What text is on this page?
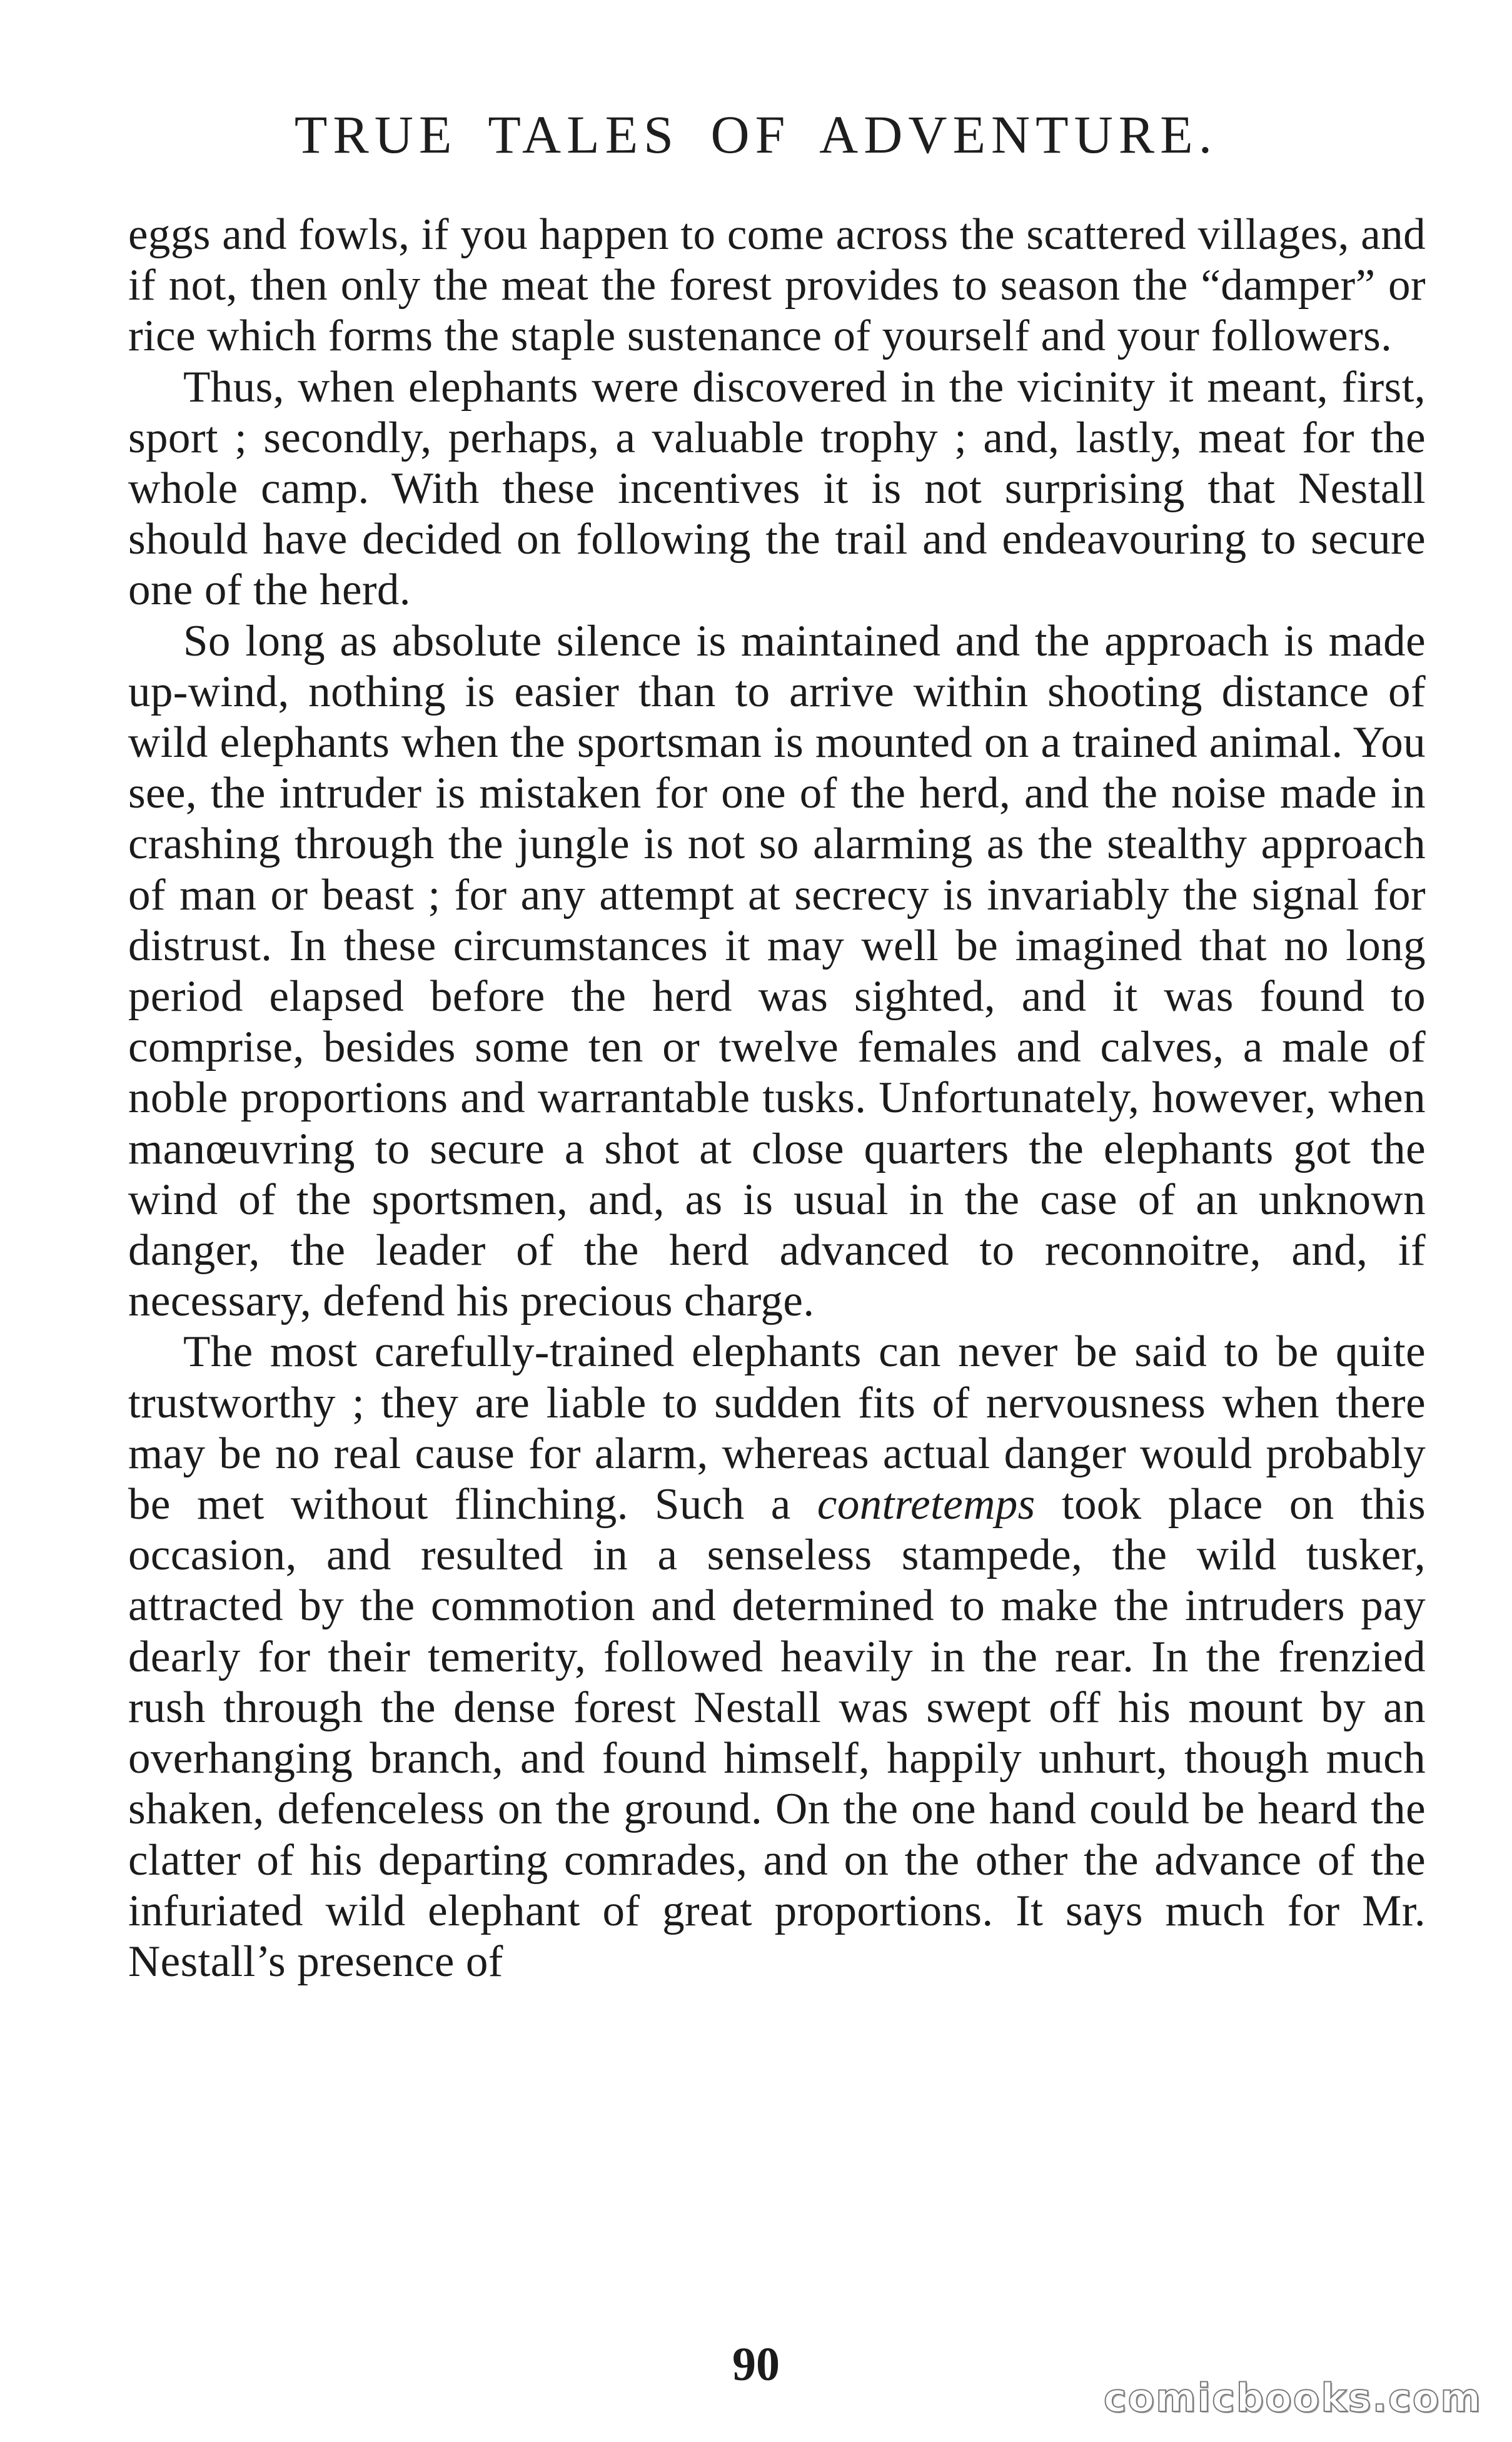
TRUE TALES OF ADVENTURE.

eggs and fowls, if you happen to come across the scattered villages, and if not, then only the meat the forest provides to season the “damper” or rice which forms the staple sustenance of yourself and your followers.

Thus, when elephants were discovered in the vicinity it meant, first, sport ; secondly, perhaps, a valuable trophy ; and, lastly, meat for the whole camp. With these incentives it is not surprising that Nestall should have decided on following the trail and endeavouring to secure one of the herd.

So long as absolute silence is maintained and the approach is made up-wind, nothing is easier than to arrive within shooting distance of wild elephants when the sportsman is mounted on a trained animal. You see, the intruder is mistaken for one of the herd, and the noise made in crashing through the jungle is not so alarming as the stealthy approach of man or beast ; for any attempt at secrecy is invariably the signal for distrust. In these circumstances it may well be imagined that no long period elapsed before the herd was sighted, and it was found to comprise, besides some ten or twelve females and calves, a male of noble proportions and warrantable tusks. Unfortunately, however, when manœuvring to secure a shot at close quarters the elephants got the wind of the sportsmen, and, as is usual in the case of an unknown danger, the leader of the herd advanced to reconnoitre, and, if necessary, defend his precious charge.

The most carefully-trained elephants can never be said to be quite trustworthy ; they are liable to sudden fits of nervousness when there may be no real cause for alarm, whereas actual danger would probably be met without flinching. Such a contretemps took place on this occasion, and resulted in a senseless stampede, the wild tusker, attracted by the commotion and determined to make the intruders pay dearly for their temerity, followed heavily in the rear. In the frenzied rush through the dense forest Nestall was swept off his mount by an overhanging branch, and found himself, happily unhurt, though much shaken, defenceless on the ground. On the one hand could be heard the clatter of his departing comrades, and on the other the advance of the infuriated wild elephant of great proportions. It says much for Mr. Nestall’s presence of

90
comicbooks.com
